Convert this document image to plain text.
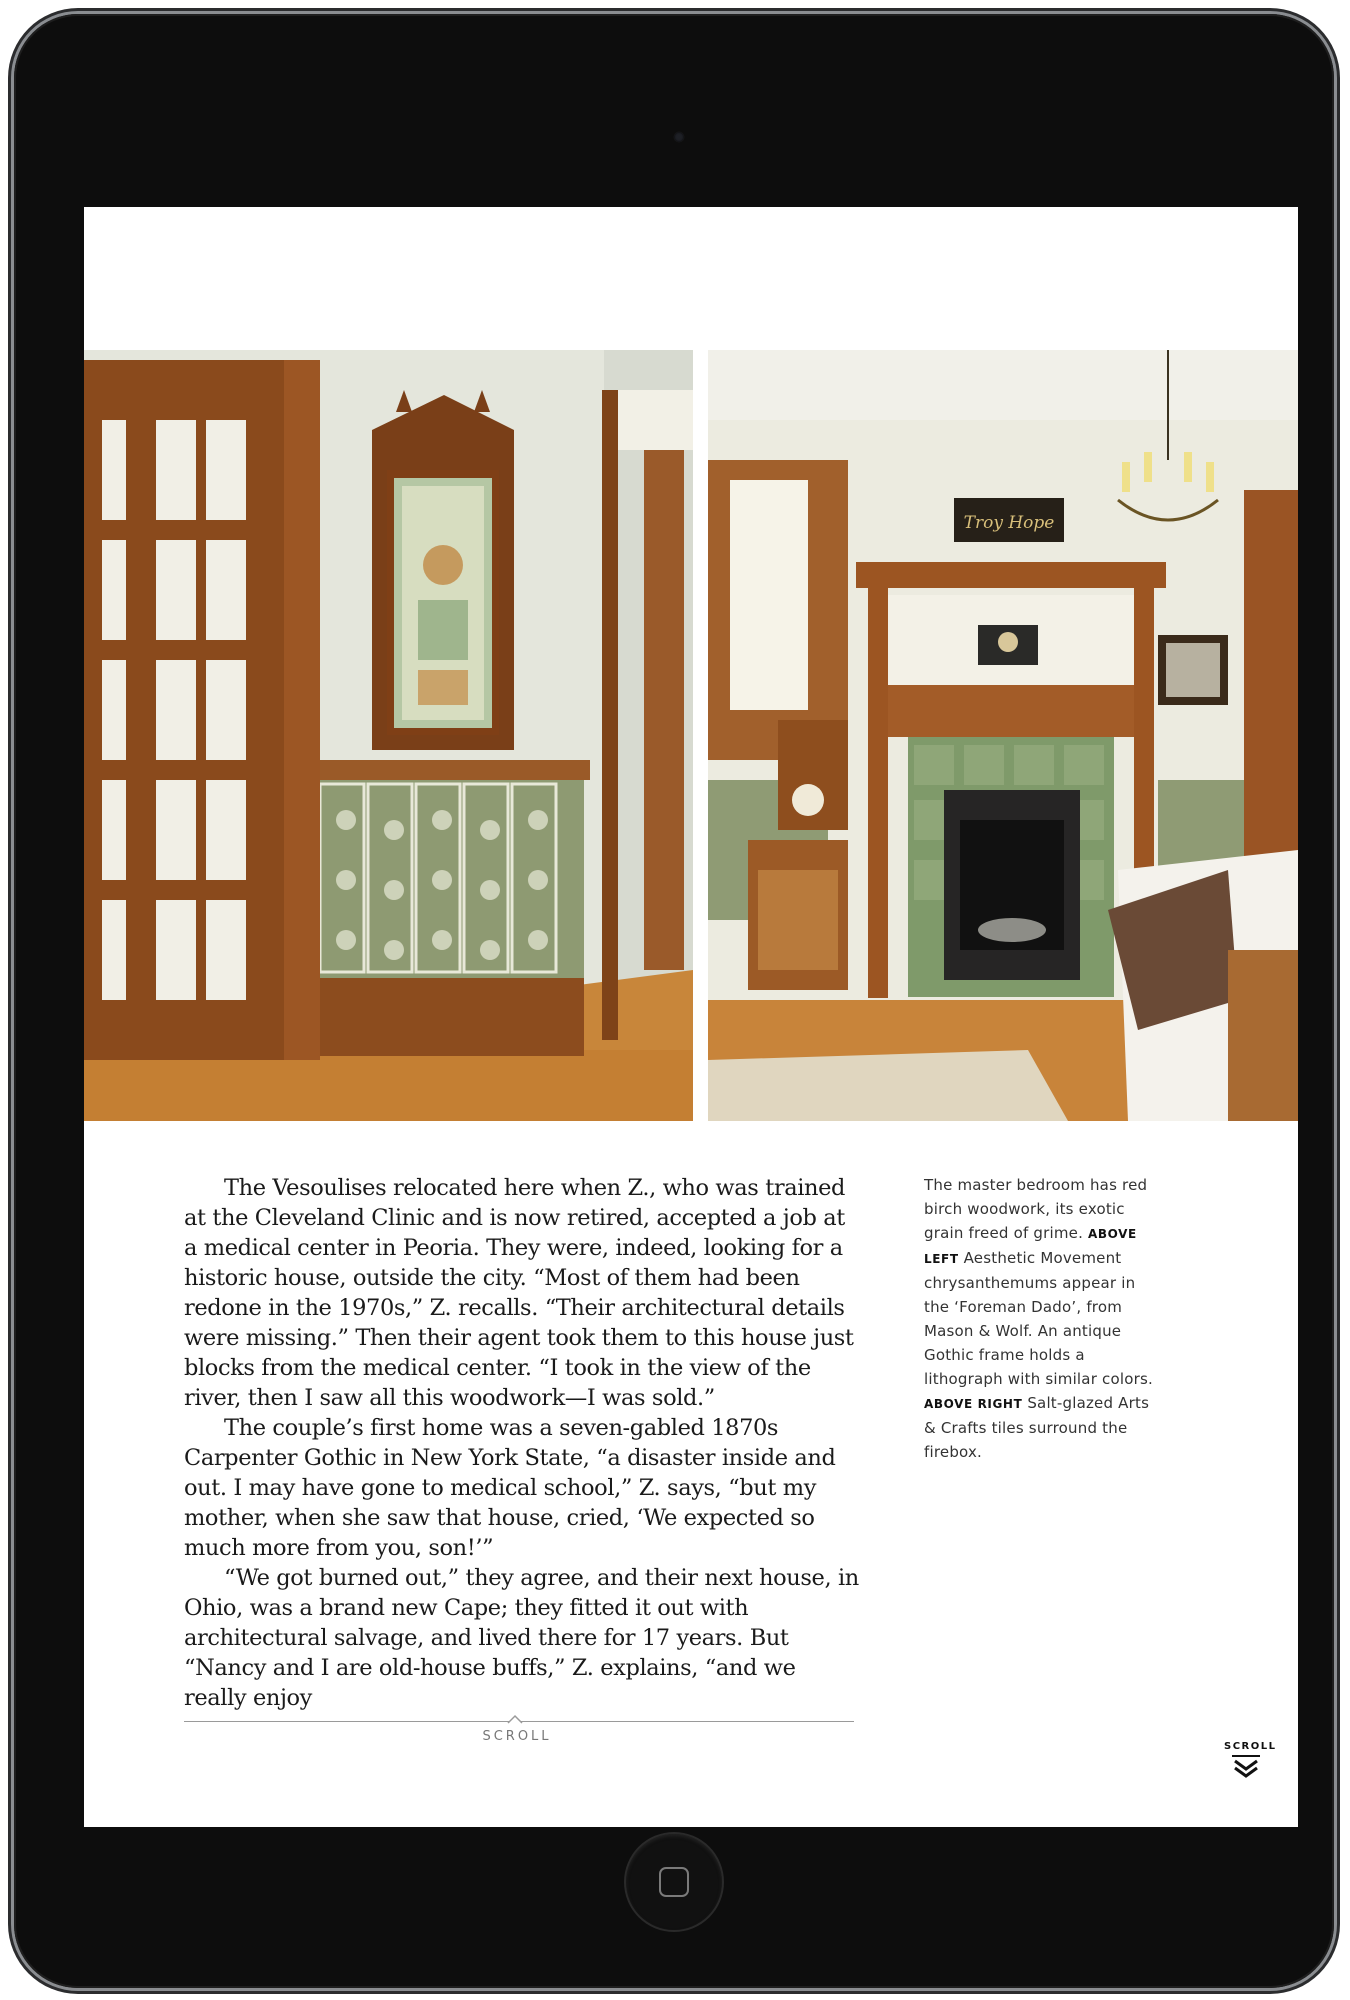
Troy Hope

The Vesoulises relocated here when Z., who was trained at the Cleveland Clinic and is now retired, accepted a job at a medical center in Peoria. They were, indeed, looking for a historic house, outside the city. “Most of them had been redone in the 1970s,” Z. recalls. “Their architectural details were missing.” Then their agent took them to this house just blocks from the medical center. “I took in the view of the river, then I saw all this woodwork—I was sold.”

The couple’s first home was a seven-gabled 1870s Carpenter Gothic in New York State, “a disaster inside and out. I may have gone to medical school,” Z. says, “but my mother, when she saw that house, cried, ‘We expected so much more from you, son!’”

“We got burned out,” they agree, and their next house, in Ohio, was a brand new Cape; they fitted it out with architectural salvage, and lived there for 17 years. But “Nancy and I are old-house buffs,” Z. explains, “and we really enjoy

The master bedroom has red birch woodwork, its exotic grain freed of grime. ABOVE LEFT Aesthetic Movement chrysanthemums appear in the ‘Foreman Dado’, from Mason & Wolf. An antique Gothic frame holds a lithograph with similar colors. ABOVE RIGHT Salt-glazed Arts & Crafts tiles surround the firebox.
SCROLL
SCROLL
